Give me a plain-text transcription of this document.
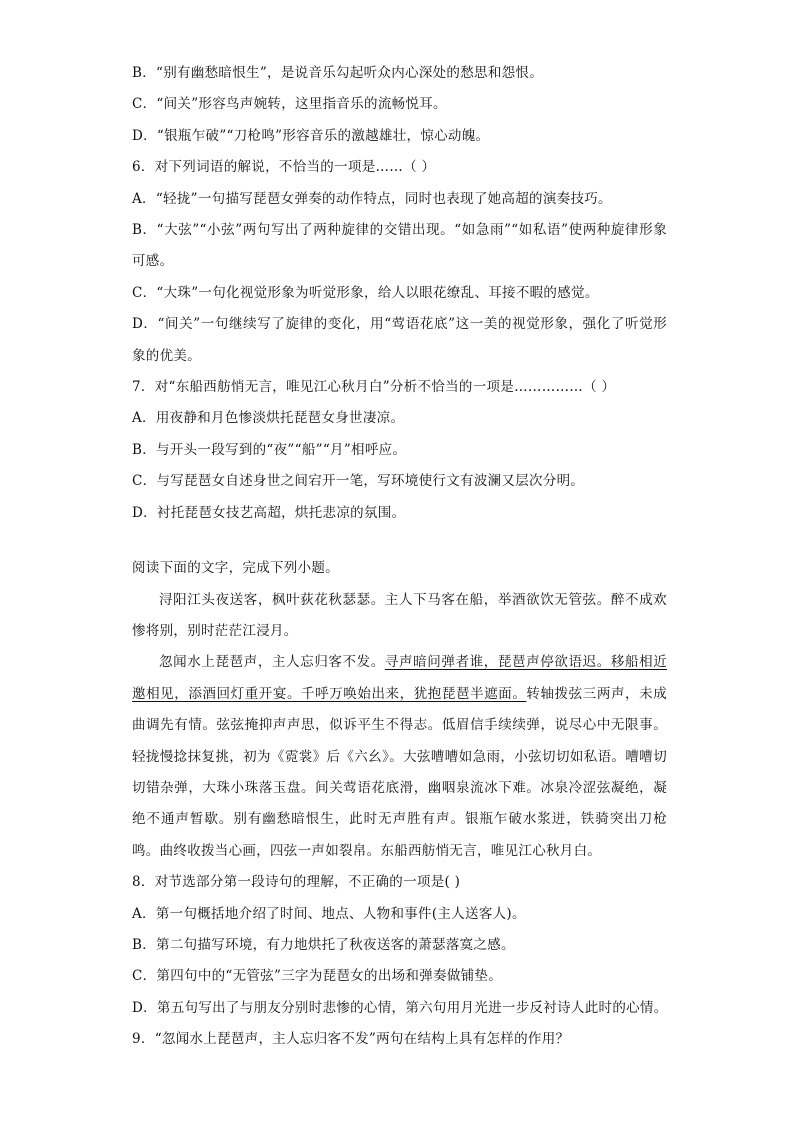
B．“别有幽愁暗恨生”，是说音乐勾起听众内心深处的愁思和怨恨。
C．“间关”形容鸟声婉转，这里指音乐的流畅悦耳。
D．“银瓶乍破”“刀枪鸣”形容音乐的激越雄壮，惊心动魄。
6．对下列词语的解说，不恰当的一项是……（ ）
A．“轻拢”一句描写琵琶女弹奏的动作特点，同时也表现了她高超的演奏技巧。
B．“大弦”“小弦”两句写出了两种旋律的交错出现。“如急雨”“如私语”使两种旋律形象可感。
C．“大珠”一句化视觉形象为听觉形象，给人以眼花缭乱、耳接不暇的感觉。
D．“间关”一句继续写了旋律的变化，用“莺语花底”这一美的视觉形象，强化了听觉形象的优美。
7．对“东船西舫悄无言，唯见江心秋月白”分析不恰当的一项是……………（ ）
A．用夜静和月色惨淡烘托琵琶女身世凄凉。
B．与开头一段写到的“夜”“船”“月”相呼应。
C．与写琵琶女自述身世之间宕开一笔，写环境使行文有波澜又层次分明。
D．衬托琵琶女技艺高超，烘托悲凉的氛围。
阅读下面的文字，完成下列小题。

浔阳江头夜送客，枫叶荻花秋瑟瑟。主人下马客在船，举酒欲饮无管弦。醉不成欢惨将别，别时茫茫江浸月。

忽闻水上琵琶声，主人忘归客不发。寻声暗问弹者谁，琵琶声停欲语迟。移船相近邀相见，添酒回灯重开宴。千呼万唤始出来，犹抱琵琶半遮面。转轴拨弦三两声，未成曲调先有情。弦弦掩抑声声思，似诉平生不得志。低眉信手续续弹，说尽心中无限事。轻拢慢捻抹复挑，初为《霓裳》后《六幺》。大弦嘈嘈如急雨，小弦切切如私语。嘈嘈切切错杂弹，大珠小珠落玉盘。间关莺语花底滑，幽咽泉流冰下难。冰泉冷涩弦凝绝，凝绝不通声暂歇。别有幽愁暗恨生，此时无声胜有声。银瓶乍破水浆迸，铁骑突出刀枪鸣。曲终收拨当心画，四弦一声如裂帛。东船西舫悄无言，唯见江心秋月白。

8．对节选部分第一段诗句的理解，不正确的一项是( )
A．第一句概括地介绍了时间、地点、人物和事件(主人送客人)。
B．第二句描写环境，有力地烘托了秋夜送客的萧瑟落寞之感。
C．第四句中的“无管弦”三字为琵琶女的出场和弹奏做铺垫。
D．第五句写出了与朋友分别时悲惨的心情，第六句用月光进一步反衬诗人此时的心情。
9．“忽闻水上琵琶声，主人忘归客不发”两句在结构上具有怎样的作用？
